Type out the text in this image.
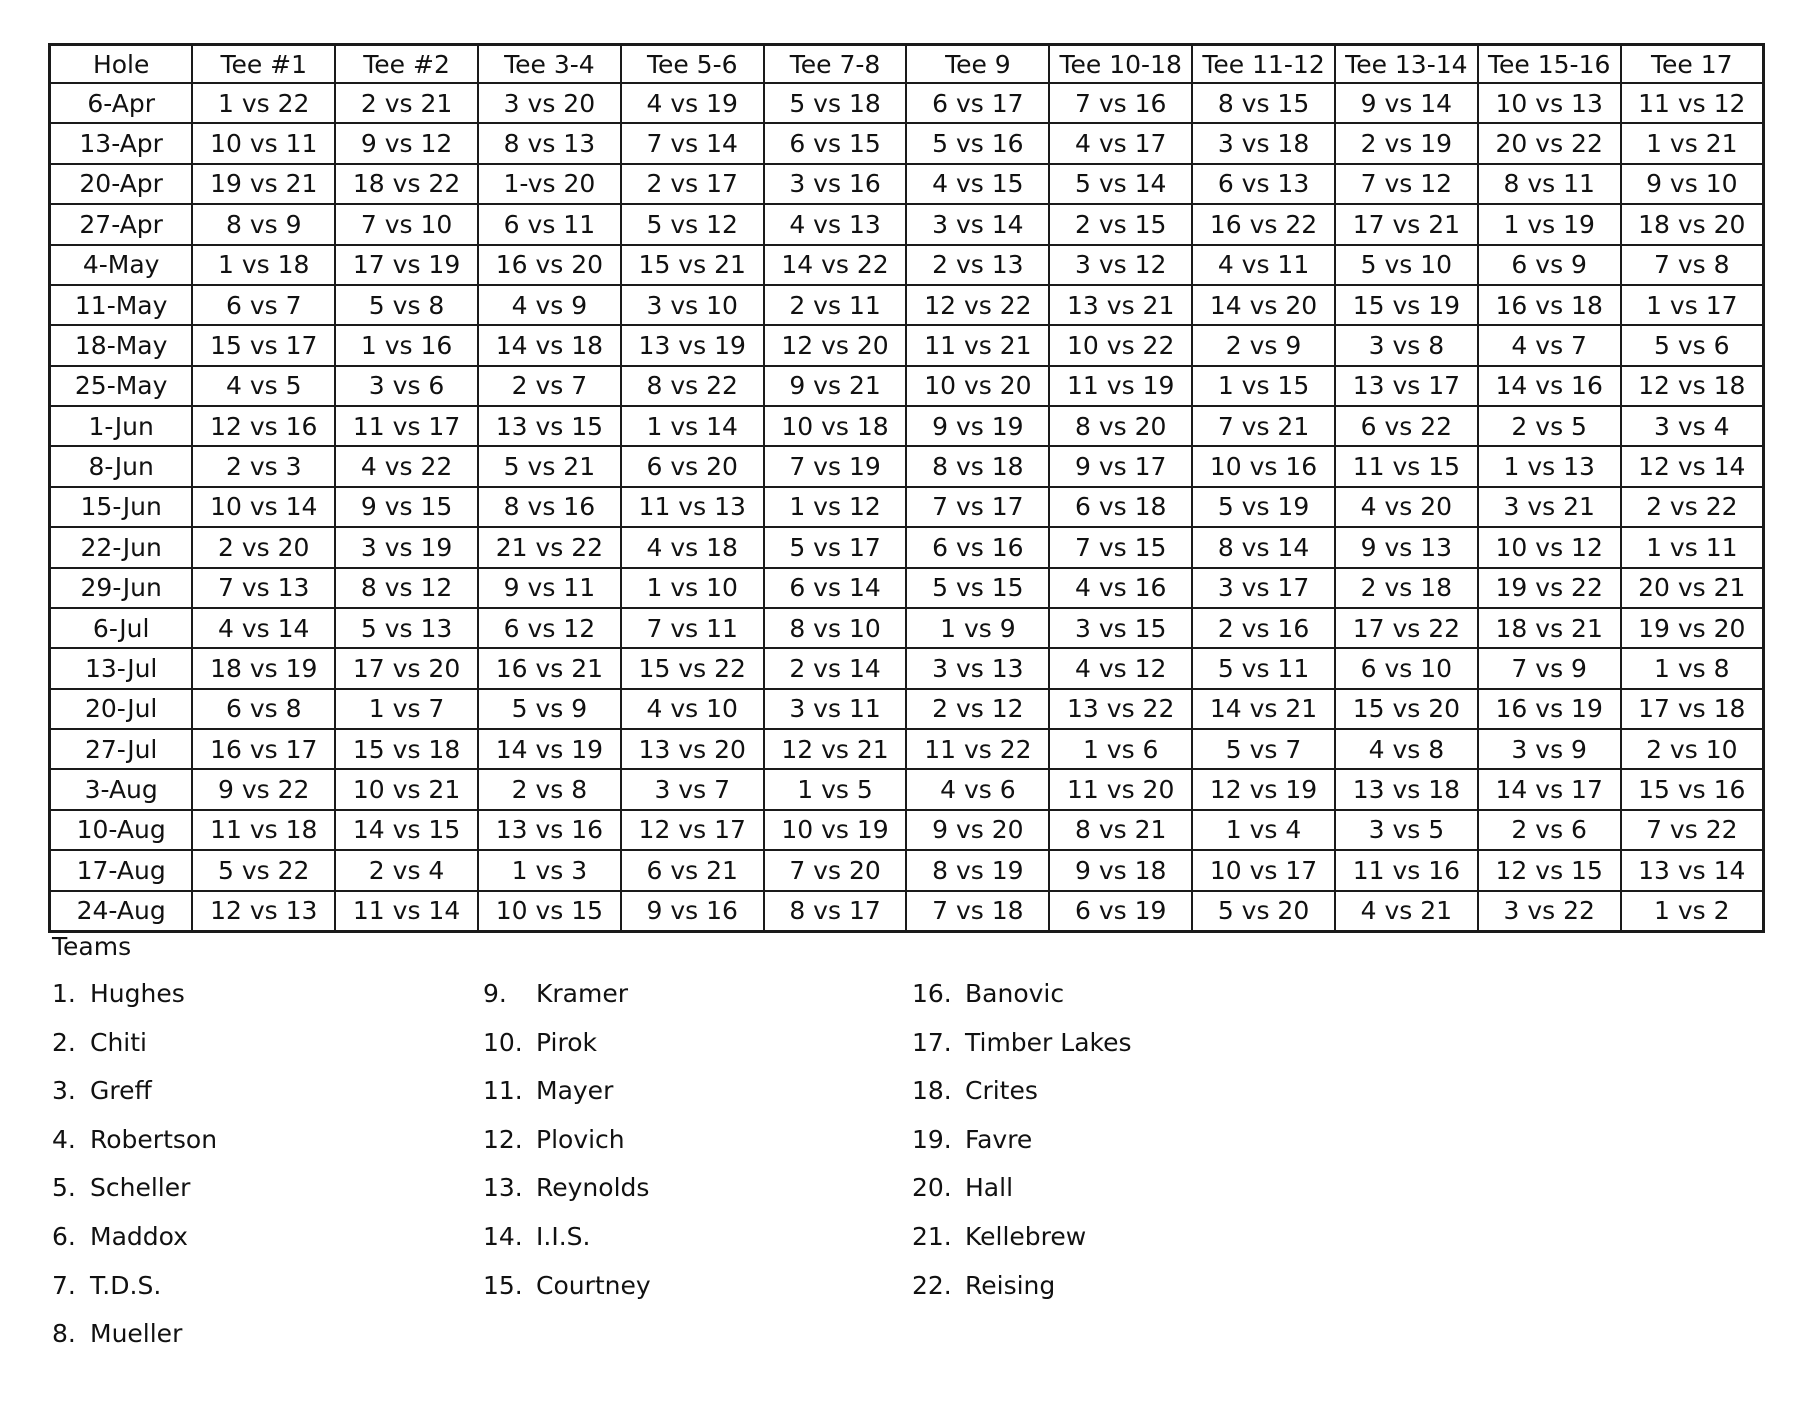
Hole	Tee #1	Tee #2	Tee 3-4	Tee 5-6	Tee 7-8	Tee 9	Tee 10-18	Tee 11-12	Tee 13-14	Tee 15-16	Tee 17
6-Apr	1 vs 22	2 vs 21	3 vs 20	4 vs 19	5 vs 18	6 vs 17	7 vs 16	8 vs 15	9 vs 14	10 vs 13	11 vs 12
13-Apr	10 vs 11	9 vs 12	8 vs 13	7 vs 14	6 vs 15	5 vs 16	4 vs 17	3 vs 18	2 vs 19	20 vs 22	1 vs 21
20-Apr	19 vs 21	18 vs 22	1-vs 20	2 vs 17	3 vs 16	4 vs 15	5 vs 14	6 vs 13	7 vs 12	8 vs 11	9 vs 10
27-Apr	8 vs 9	7 vs 10	6 vs 11	5 vs 12	4 vs 13	3 vs 14	2 vs 15	16 vs 22	17 vs 21	1 vs 19	18 vs 20
4-May	1 vs 18	17 vs 19	16 vs 20	15 vs 21	14 vs 22	2 vs 13	3 vs 12	4 vs 11	5 vs 10	6 vs 9	7 vs 8
11-May	6 vs 7	5 vs 8	4 vs 9	3 vs 10	2 vs 11	12 vs 22	13 vs 21	14 vs 20	15 vs 19	16 vs 18	1 vs 17
18-May	15 vs 17	1 vs 16	14 vs 18	13 vs 19	12 vs 20	11 vs 21	10 vs 22	2 vs 9	3 vs 8	4 vs 7	5 vs 6
25-May	4 vs 5	3 vs 6	2 vs 7	8 vs 22	9 vs 21	10 vs 20	11 vs 19	1 vs 15	13 vs 17	14 vs 16	12 vs 18
1-Jun	12 vs 16	11 vs 17	13 vs 15	1 vs 14	10 vs 18	9 vs 19	8 vs 20	7 vs 21	6 vs 22	2 vs 5	3 vs 4
8-Jun	2 vs 3	4 vs 22	5 vs 21	6 vs 20	7 vs 19	8 vs 18	9 vs 17	10 vs 16	11 vs 15	1 vs 13	12 vs 14
15-Jun	10 vs 14	9 vs 15	8 vs 16	11 vs 13	1 vs 12	7 vs 17	6 vs 18	5 vs 19	4 vs 20	3 vs 21	2 vs 22
22-Jun	2 vs 20	3 vs 19	21 vs 22	4 vs 18	5 vs 17	6 vs 16	7 vs 15	8 vs 14	9 vs 13	10 vs 12	1 vs 11
29-Jun	7 vs 13	8 vs 12	9 vs 11	1 vs 10	6 vs 14	5 vs 15	4 vs 16	3 vs 17	2 vs 18	19 vs 22	20 vs 21
6-Jul	4 vs 14	5 vs 13	6 vs 12	7 vs 11	8 vs 10	1 vs 9	3 vs 15	2 vs 16	17 vs 22	18 vs 21	19 vs 20
13-Jul	18 vs 19	17 vs 20	16 vs 21	15 vs 22	2 vs 14	3 vs 13	4 vs 12	5 vs 11	6 vs 10	7 vs 9	1 vs 8
20-Jul	6 vs 8	1 vs 7	5 vs 9	4 vs 10	3 vs 11	2 vs 12	13 vs 22	14 vs 21	15 vs 20	16 vs 19	17 vs 18
27-Jul	16 vs 17	15 vs 18	14 vs 19	13 vs 20	12 vs 21	11 vs 22	1 vs 6	5 vs 7	4 vs 8	3 vs 9	2 vs 10
3-Aug	9 vs 22	10 vs 21	2 vs 8	3 vs 7	1 vs 5	4 vs 6	11 vs 20	12 vs 19	13 vs 18	14 vs 17	15 vs 16
10-Aug	11 vs 18	14 vs 15	13 vs 16	12 vs 17	10 vs 19	9 vs 20	8 vs 21	1 vs 4	3 vs 5	2 vs 6	7 vs 22
17-Aug	5 vs 22	2 vs 4	1 vs 3	6 vs 21	7 vs 20	8 vs 19	9 vs 18	10 vs 17	11 vs 16	12 vs 15	13 vs 14
24-Aug	12 vs 13	11 vs 14	10 vs 15	9 vs 16	8 vs 17	7 vs 18	6 vs 19	5 vs 20	4 vs 21	3 vs 22	1 vs 2
Teams
1. Hughes
2. Chiti
3. Greff
4. Robertson
5. Scheller
6. Maddox
7. T.D.S.
8. Mueller
9. Kramer
10. Pirok
11. Mayer
12. Plovich
13. Reynolds
14. I.I.S.
15. Courtney
16. Banovic
17. Timber Lakes
18. Crites
19. Favre
20. Hall
21. Kellebrew
22. Reising
